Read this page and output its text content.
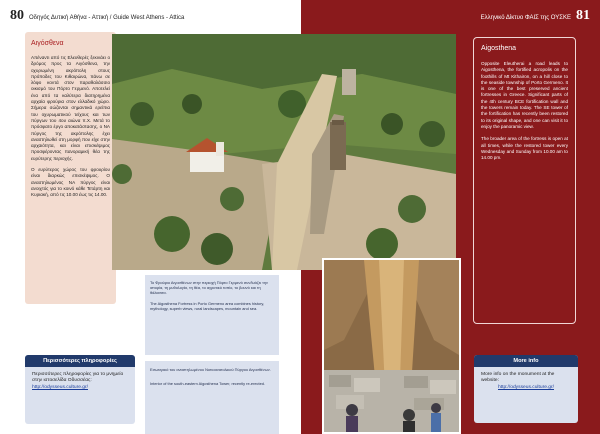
80 Οδηγός Δυτική Αθήνα - Αττική / Guide West Athens - Attica
Αιγόσθενα

Απέναντι από τις Ελευθερές ξεκινάει ο δρόμος προς τα Αιγόσθενα, την οχυρωμένη ακρόπολη στους πρόποδες του Κιθαιρώνα, πάνω σε λόφο κοντά στον παραθαλάσσιο οικισμό του Πόρτο Γερμενό. Αποτελεί ένα από τα καλύτερα διατηρημένα αρχαία φρούρια στον ελλαδικό χώρο. Σήμερα σώζονται σημαντικά ερείπια του οχυρωματικού τείχους και των πύργων του 4ου αιώνα π.Χ. Μετά το πρόσφατο έργο αποκατάστασης, ο ΝΑ πύργος της ακρόπολης έχει αναστηλωθεί στη μορφή που είχε στην αρχαιότητα, και είναι επισκέψιμος προσφέροντας πανοραμική θέα της ευρύτερης περιοχής.

Ο ευρύτερος χώρος του φρουρίου είναι διαρκώς επισκέψιμος. Ο αναστηλωμένος ΝΑ πύργος είναι ανοιχτός για το κοινό κάθε Τετάρτη και Κυριακή, από τις 10.00 έως τις 14.00.

Περισσότερες πληροφορίες
Περισσότερες πληροφορίες για το μνημείο στην ιστοσελίδα Οδυσσέας:
http://odysseus.culture.gr/
Ελληνικό Δίκτυο ΦΑΙΣ της ΟΥΣΚΕ 81
Aigosthena

Opposite Eleutherai a road leads to Aigosthena, the fortified acropolis on the foothills of Mt Kithairon, on a hill close to the seaside township of Porto Germeno. It is one of the best preserved ancient fortresses in Greece. Significant parts of the 4th century BCE fortification wall and the towers remain today. The SE tower of the fortification has recently been restored to its original shape, and one can visit it to enjoy the panoramic view.

The broader area of the fortress is open at all times, while the restored tower every Wednesday and Sunday from 10.00 am to 14.00 pm.

Το Φρούριο Αιγοσθένων στην περιοχή Πόρτο Γερμενό συνδυάζει την ιστορία, τη μυθολογία, τη θέα, το αγροτικό τοπίο, το βουνό και τη θάλασσα.

The Aigosthena Fortress in Porto Germeno area combines history, mythology, superb views, rural landscapes, mountain and sea.

Εσωτερικό του αναστηλωμένου Νοτιοανατολικού Πύργου Αιγοσθένων.

Interior of the south-eastern Aigosthena Tower, recently re-erected.

More info
More info on the monument at the website:
http://odysseus.culture.gr/
